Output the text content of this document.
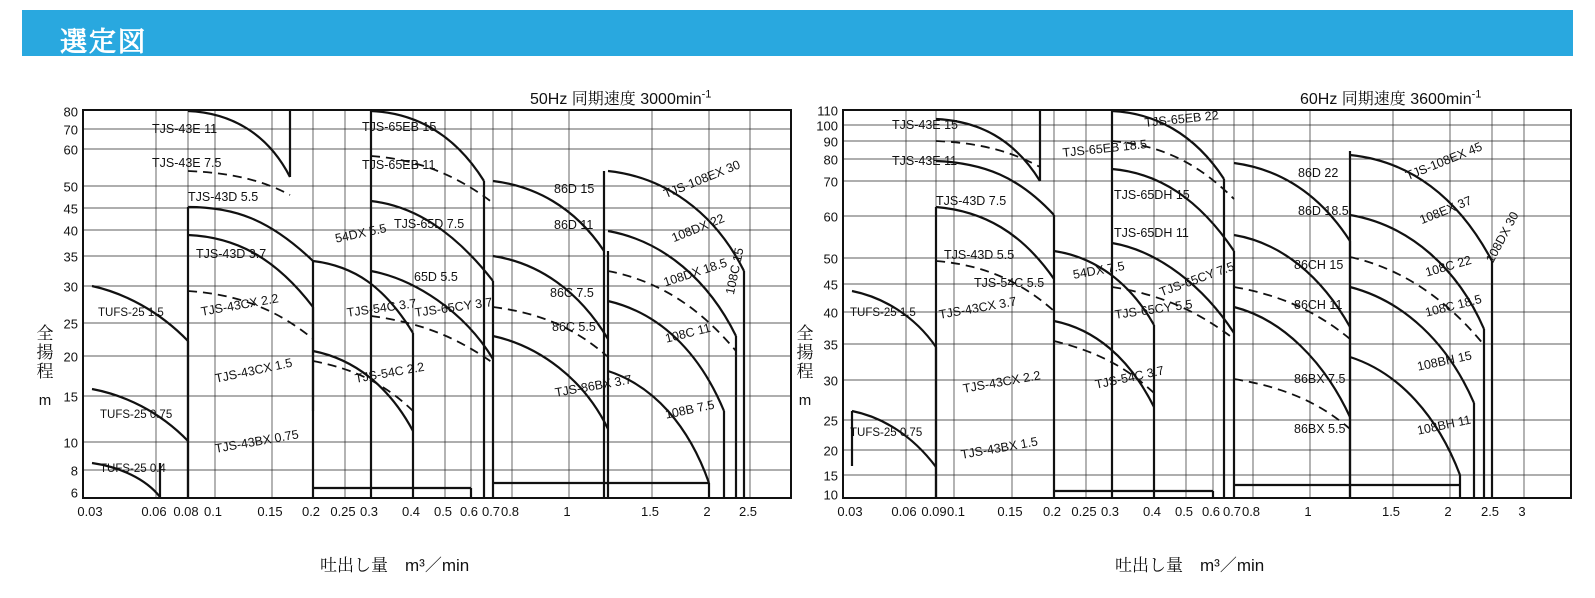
選定図
50Hz 同期速度 $3000\min^{-1}$
全揚
程
m
80
70
60
50
45
40
35
30
25
20
15
10
8
6
TJS-43E 11
TJS-43E 7.5
TJS-43D 5.5
TJS-43D 3.7
TJS-43CX 2.2
TJS-43CX 1.5
TJS-43BX 0.75
TUFS-25 1.5
TUFS-25 0.75
TUFS-25 0.4
TJS-54C 3.7
TJS-54C 2.2
54DX 5.5
TJS-65EB 15
TJS-65EB 11
TJS-65D 7.5
65D 5.5
TJS-65CY 3.7
86D 15
86D 11
86C 7.5
86C 5.5
TJS-86BX 3.7
TJS-108EX 30
108DX 22
108DX 18.5
108C 15
108C 11
108B 7.5
0.03	0.06 0.08 0.1	0.15 0.2 0.25 0.3 0.4 0.5 0.6 0.7 0.8	1	1.5	2 2.5
吐出し量　m³／min
60Hz 同期速度 $3600\min^{-1}$
全揚
程
m
110
100
90
80
70
60
50
45
40
35
30
25
20
15
10
TJS-43E 15
TJS-43E 11
TJS-43D 7.5
TJS-43D 5.5
TJS-43CX 3.7
TJS-43CX 2.2
TJS-43BX 1.5
TUFS-25 1.5
TUFS-25 0.75
TJS-54C 5.5
TJS-54C 3.7
54DX 7.5
TJS-65EB 22
TJS-65EB 18.5
TJS-65DH 15
TJS-65DH 11
TJS-65CY 7.5
TJS-65CY 5.5
86D 22
86D 18.5
86CH 15
86CH 11
86BX 7.5
86BX 5.5
TJS-108EX 45
108EX 37 108DX 30
108C 22
108C 18.5
108BH 15
108BH 11
0.03 0.06 0.09 0.1 0.15 0.2 0.25 0.3 0.4 0.5 0.6 0.7 0.8	1	1.5	2 2.5 3
吐出し量　m³／min
